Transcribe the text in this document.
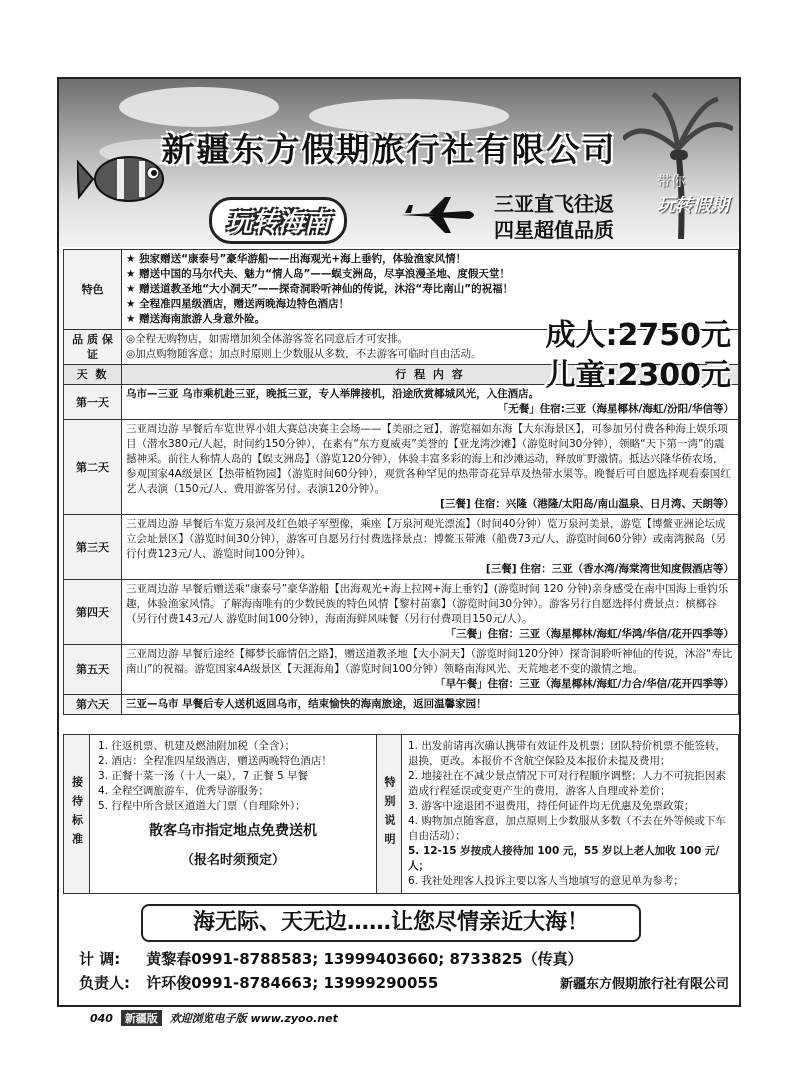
新疆东方假期旅行社有限公司
带你
玩转假期
玩转海南
三亚直飞往返
四星超值品质
特色	★ 独家赠送“康泰号”豪华游船——出海观光+海上垂钓，体验渔家风情！
★ 赠送中国的马尔代夫、魅力“情人岛”——蜈支洲岛，尽享浪漫圣地、度假天堂！
★ 赠送道教圣地“大小洞天”——探奇洞聆听神仙的传说，沐浴“寿比南山”的祝福！
★ 全程准四星级酒店，赠送两晚海边特色酒店！
★ 赠送海南旅游人身意外险。

品 质 保 证	◎全程无购物店，如需增加须全体游客签名同意后才可安排。
◎加点购物随客意；加点时原则上少数服从多数，不去游客可临时自由活动。

天 数	行 程 内 容
第一天	乌市—三亚 乌市乘机赴三亚，晚抵三亚，专人举牌接机，沿途欣赏椰城风光，入住酒店。
「无餐」住宿:三亚（海星椰林/海虹/汾阳/华信等）

第二天	三亚周边游 早餐后车览世界小姐大赛总决赛主会场——【美丽之冠】，游览福如东海【大东海景区】，可参加另付费各种海上娱乐项目（潜水380元/人起，时间约150分钟），在素有“东方夏威夷”美誉的【亚龙湾沙滩】（游览时间30分钟），领略“天下第一湾”的震撼神采。前往人称情人岛的【蜈支洲岛】（游览120分钟），体验丰富多彩的海上和沙滩运动，释放旷野激情。抵达兴隆华侨农场，参观国家4A级景区【热带植物园】（游览时间60分钟），观赏各种罕见的热带奇花异草及热带水果等。晚餐后可自愿选择观看泰国红艺人表演（150元/人、费用游客另付、表演120分钟）。
[三餐] 住宿：兴隆（港隆/太阳岛/南山温泉、日月湾、天朗等）

第三天	三亚周边游 早餐后车览万泉河及红色娘子军塑像，乘座【万泉河观光漂流】（时间40分钟）览万泉河美景，游览【博鳌亚洲论坛成立会址景区】（游览时间30分钟），游客可自愿另行付费选择景点：博鳌玉带滩（船费73元/人、游览时间60分钟）或南湾猴岛（另行付费123元/人、游览时间100分钟）。
[三餐] 住宿：三亚（香水湾/海棠湾世知度假酒店等）

第四天	三亚周边游 早餐后赠送乘“康泰号”豪华游船【出海观光+海上拉网+海上垂钓】(游览时间 120 分钟)亲身感受在南中国海上垂钓乐趣，体验渔家风情。了解海南唯有的少数民族的特色风情【黎村苗寨】（游览时间30分钟）。游客另行自愿选择付费景点：槟榔谷（另行付费143元/人 游览时间100分钟），海南海鲜风味餐（另行付费项目150元/人）。
「三餐」住宿：三亚（海星椰林/海虹/华鸿/华信/花开四季等）

第五天	三亚周边游 早餐后途经【椰梦长廊情侣之路】，赠送道教圣地【大小洞天】（游览时间120分钟）探奇洞聆听神仙的传说，沐浴“寿比南山”的祝福。游览国家4A级景区【天涯海角】（游览时间100分钟）领略南海风光、天荒地老不变的激情之地。
「早午餐」住宿：三亚（海星椰林/海虹/力合/华信/花开四季等）

第六天	三亚—乌市 早餐后专人送机返回乌市，结束愉快的海南旅途，返回温馨家园！
成人:2750元
儿童:2300元
接待标准
1. 往返机票、机建及燃油附加税（全含）；
2. 酒店：全程准四星级酒店，赠送两晚特色酒店！
3. 正餐十菜一汤（十人一桌），7 正餐 5 早餐
4. 全程空调旅游车，优秀导游服务；
5. 行程中所含景区道道大门票（自理除外）；
散客乌市指定地点免费送机
（报名时须预定）
特别说明
1. 出发前请再次确认携带有效证件及机票；团队特价机票不能签转，退换，更改。本报价不含航空保险及本报价未提及费用；
2. 地接社在不减少景点情况下可对行程顺序调整；人力不可抗拒因素造成行程延误或变更产生的费用，游客人自理或补差价；
3. 游客中途退团不退费用，持任何证件均无优惠及免票政策；
4. 购物加点随客意，加点原则上少数服从多数（不去在外等候或下车自由活动）；
5. 12-15 岁按成人接待加 100 元，55 岁以上老人加收 100 元/人；
6. 我社处理客人投诉主要以客人当地填写的意见单为参考；
海无际、天无边……让您尽情亲近大海！
计 调: 黄黎春0991-8788583; 13999403660; 8733825（传真）
负责人: 许环俊0991-8784663; 13999290055	新疆东方假期旅行社有限公司
040 新疆版 欢迎浏览电子版 www.zyoo.net
